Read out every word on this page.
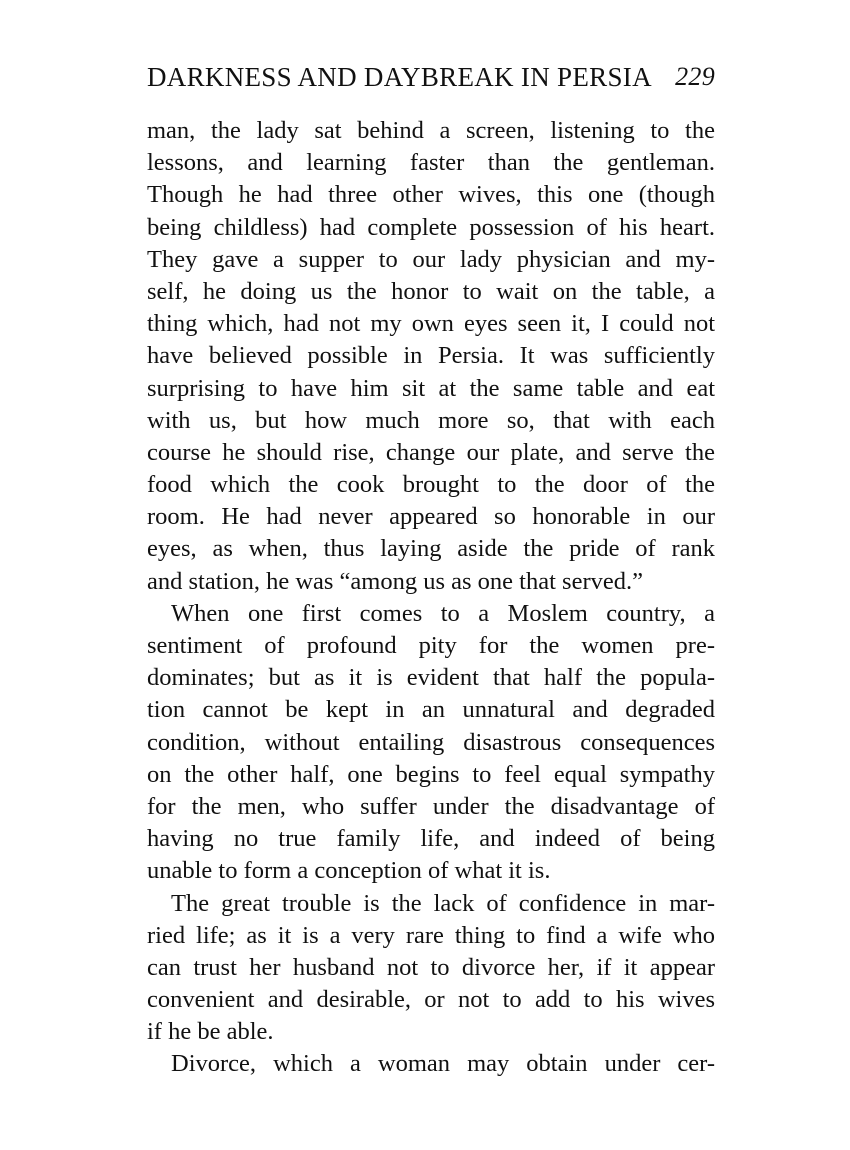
DARKNESS AND DAYBREAK IN PERSIA 229
man, the lady sat behind a screen, listening to the
lessons, and learning faster than the gentleman.
Though he had three other wives, this one (though
being childless) had complete possession of his heart.
They gave a supper to our lady physician and my-
self, he doing us the honor to wait on the table, a
thing which, had not my own eyes seen it, I could not
have believed possible in Persia. It was sufficiently
surprising to have him sit at the same table and eat
with us, but how much more so, that with each
course he should rise, change our plate, and serve the
food which the cook brought to the door of the
room. He had never appeared so honorable in our
eyes, as when, thus laying aside the pride of rank
and station, he was “among us as one that served.”
When one first comes to a Moslem country, a
sentiment of profound pity for the women pre-
dominates; but as it is evident that half the popula-
tion cannot be kept in an unnatural and degraded
condition, without entailing disastrous consequences
on the other half, one begins to feel equal sympathy
for the men, who suffer under the disadvantage of
having no true family life, and indeed of being
unable to form a conception of what it is.
The great trouble is the lack of confidence in mar-
ried life; as it is a very rare thing to find a wife who
can trust her husband not to divorce her, if it appear
convenient and desirable, or not to add to his wives
if he be able.
Divorce, which a woman may obtain under cer-
